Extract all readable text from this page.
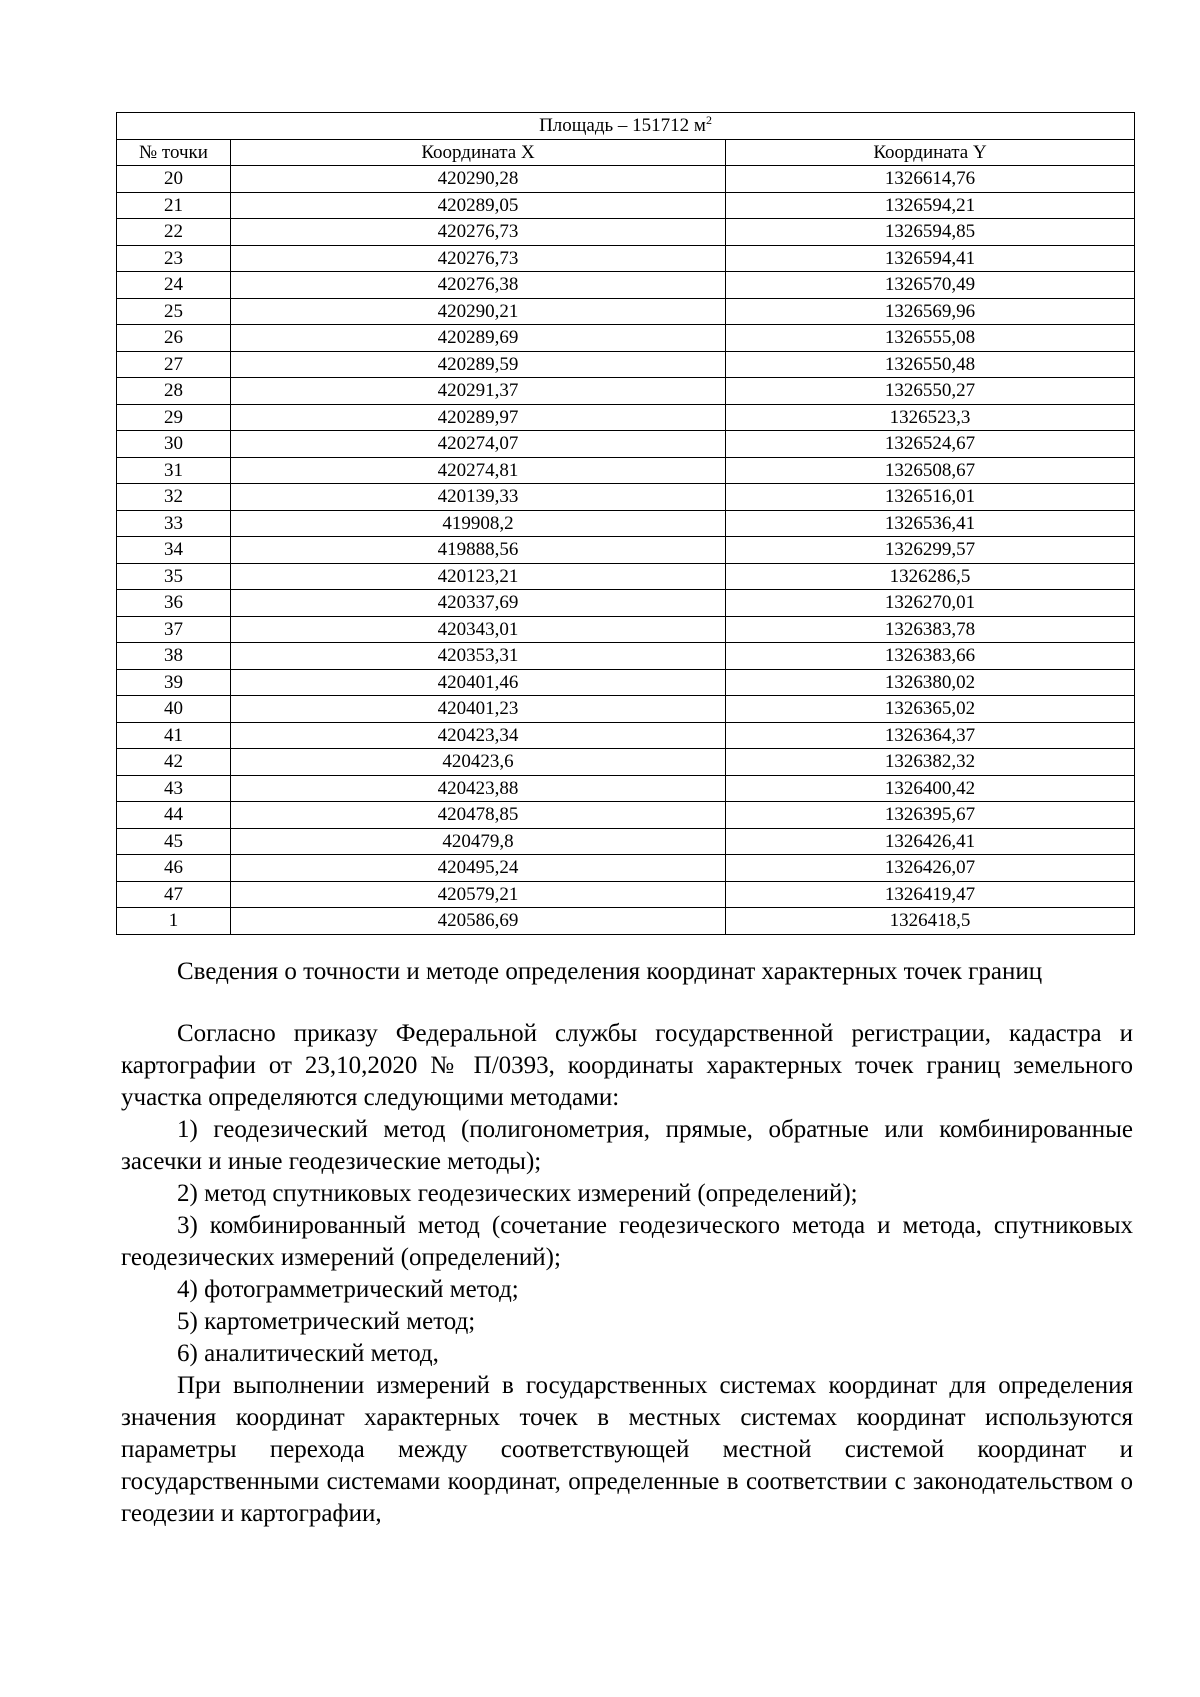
Площадь – 151712 $м^2$
№ точки	Координата X	Координата Y
20	420290,28	1326614,76
21	420289,05	1326594,21
22	420276,73	1326594,85
23	420276,73	1326594,41
24	420276,38	1326570,49
25	420290,21	1326569,96
26	420289,69	1326555,08
27	420289,59	1326550,48
28	420291,37	1326550,27
29	420289,97	1326523,3
30	420274,07	1326524,67
31	420274,81	1326508,67
32	420139,33	1326516,01
33	419908,2	1326536,41
34	419888,56	1326299,57
35	420123,21	1326286,5
36	420337,69	1326270,01
37	420343,01	1326383,78
38	420353,31	1326383,66
39	420401,46	1326380,02
40	420401,23	1326365,02
41	420423,34	1326364,37
42	420423,6	1326382,32
43	420423,88	1326400,42
44	420478,85	1326395,67
45	420479,8	1326426,41
46	420495,24	1326426,07
47	420579,21	1326419,47
1	420586,69	1326418,5

Сведения о точности и методе определения координат характерных точек границ

Согласно приказу Федеральной службы государственной регистрации, кадастра и картографии от 23,10,2020 № П/0393, координаты характерных точек границ земельного участка определяются следующими методами:

1) геодезический метод (полигонометрия, прямые, обратные или комбинированные засечки и иные геодезические методы);

2) метод спутниковых геодезических измерений (определений);

3) комбинированный метод (сочетание геодезического метода и метода, спутниковых геодезических измерений (определений);

4) фотограмметрический метод;

5) картометрический метод;

6) аналитический метод,

При выполнении измерений в государственных системах координат для определения значения координат характерных точек в местных системах координат используются параметры перехода между соответствующей местной системой координат и государственными системами координат, определенные в соответствии с законодательством о геодезии и картографии,
